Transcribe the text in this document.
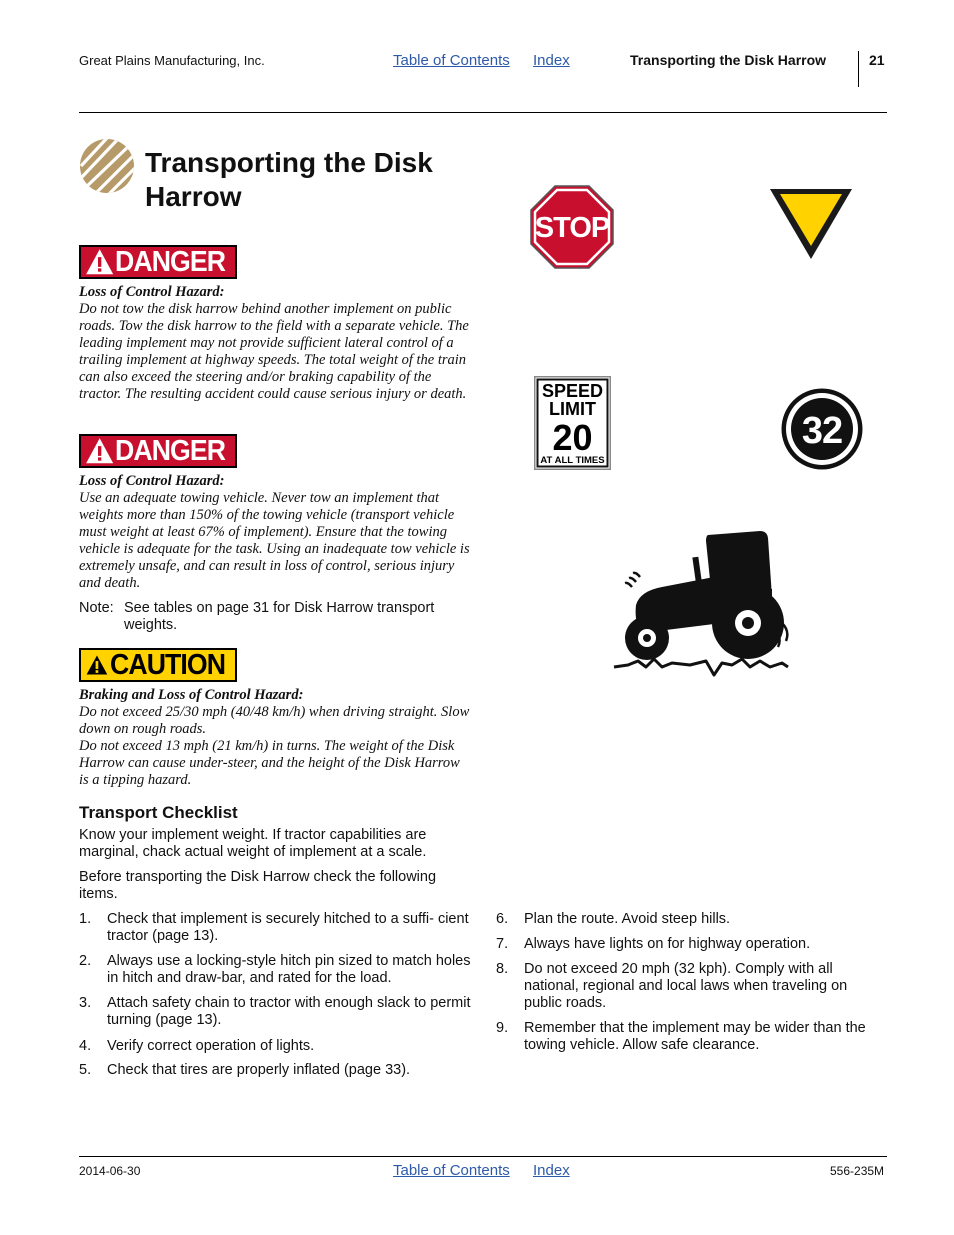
Great Plains Manufacturing, Inc.	Table of Contents Index	Transporting the Disk Harrow	21
Transporting the Disk Harrow
DANGER
Loss of Control Hazard:
Do not tow the disk harrow behind another implement on public roads. Tow the disk harrow to the field with a separate vehicle. The leading implement may not provide sufficient lateral control of a trailing implement at highway speeds. The total weight of the train can also exceed the steering and/or braking capability of the tractor. The resulting accident could cause serious injury or death.
DANGER
Loss of Control Hazard:
Use an adequate towing vehicle. Never tow an implement that weights more than 150% of the towing vehicle (transport vehicle must weight at least 67% of implement). Ensure that the towing vehicle is adequate for the task. Using an inadequate tow vehicle is extremely unsafe, and can result in loss of control, serious injury and death.
Note: See tables on page 31 for Disk Harrow transport weights.
CAUTION
Braking and Loss of Control Hazard:
Do not exceed 25/30 mph (40/48 km/h) when driving straight. Slow down on rough roads.
Do not exceed 13 mph (21 km/h) in turns. The weight of the Disk Harrow can cause under-steer, and the height of the Disk Harrow is a tipping hazard.
STOP
SPEED
LIMIT
20
AT ALL TIMES
32
Transport Checklist
Know your implement weight. If tractor capabilities are marginal, chack actual weight of implement at a scale.
Before transporting the Disk Harrow check the following items.
1.	Check that implement is securely hitched to a suffi- cient tractor (page 13).
2.	Always use a locking-style hitch pin sized to match holes in hitch and draw-bar, and rated for the load.
3.	Attach safety chain to tractor with enough slack to permit turning (page 13).
4.	Verify correct operation of lights.
5.	Check that tires are properly inflated (page 33).
6.	Plan the route. Avoid steep hills.
7.	Always have lights on for highway operation.
8.	Do not exceed 20 mph (32 kph). Comply with all national, regional and local laws when traveling on public roads.
9.	Remember that the implement may be wider than the towing vehicle. Allow safe clearance.
2014-06-30	Table of Contents Index	556-235M
